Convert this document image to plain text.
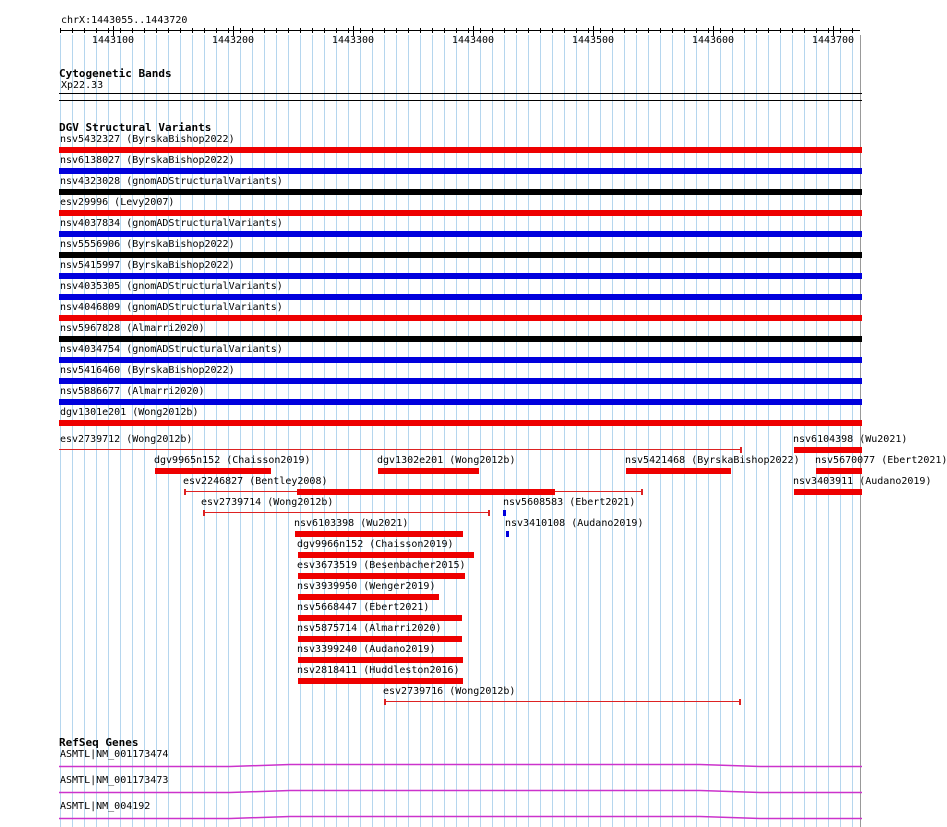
chrX:1443055..1443720
1443100	1443200	1443300	1443400	1443500	1443600	1443700
Cytogenetic Bands
Xp22.33
DGV Structural Variants
RefSeq Genes
nsv5432327 (ByrskaBishop2022)
nsv6138027 (ByrskaBishop2022)
nsv4323028 (gnomADStructuralVariants)
esv29996 (Levy2007)
nsv4037834 (gnomADStructuralVariants)
nsv5556906 (ByrskaBishop2022)
nsv5415997 (ByrskaBishop2022)
nsv4035305 (gnomADStructuralVariants)
nsv4046809 (gnomADStructuralVariants)
nsv5967828 (Almarri2020)
nsv4034754 (gnomADStructuralVariants)
nsv5416460 (ByrskaBishop2022)
nsv5886677 (Almarri2020)
dgv1301e201 (Wong2012b)
esv2739712 (Wong2012b)	nsv6104398 (Wu2021)
dgv9965n152 (Chaisson2019)	dgv1302e201 (Wong2012b)	nsv5421468 (ByrskaBishop2022) nsv5670077 (Ebert2021)
esv2246827 (Bentley2008)	nsv3403911 (Audano2019)
esv2739714 (Wong2012b)	nsv5608583 (Ebert2021)
nsv6103398 (Wu2021)	nsv3410108 (Audano2019)
dgv9966n152 (Chaisson2019)
esv3673519 (Besenbacher2015)
nsv3939950 (Wenger2019)
nsv5668447 (Ebert2021)
nsv5875714 (Almarri2020)
nsv3399240 (Audano2019)
nsv2818411 (Huddleston2016)
esv2739716 (Wong2012b)
ASMTL|NM_001173474
ASMTL|NM_001173473
ASMTL|NM_004192
